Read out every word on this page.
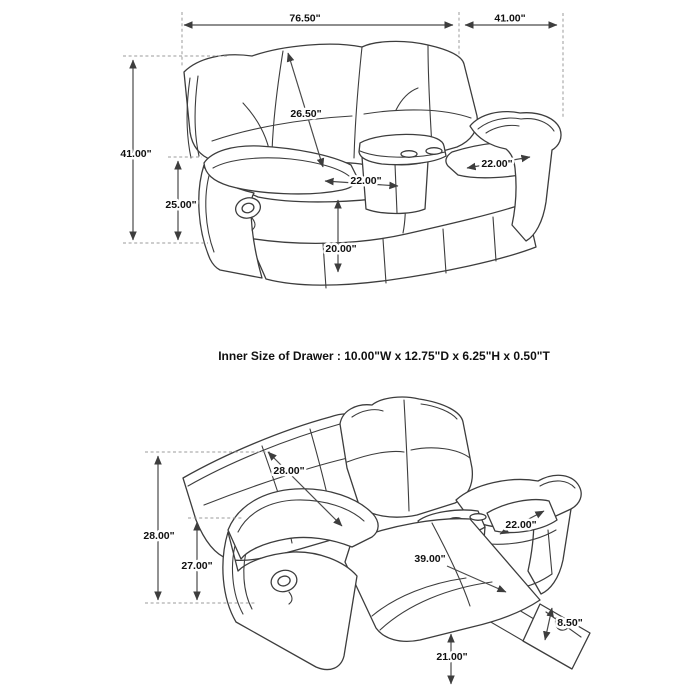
76.50"	41.00"
41.00"
25.00"
26.50"
22.00"
22.00"
20.00"
Inner Size of Drawer : 10.00"W x 12.75"D x 6.25"H x 0.50"T
28.00"
28.00"
27.00"
22.00"
39.00"
8.50"
21.00"
